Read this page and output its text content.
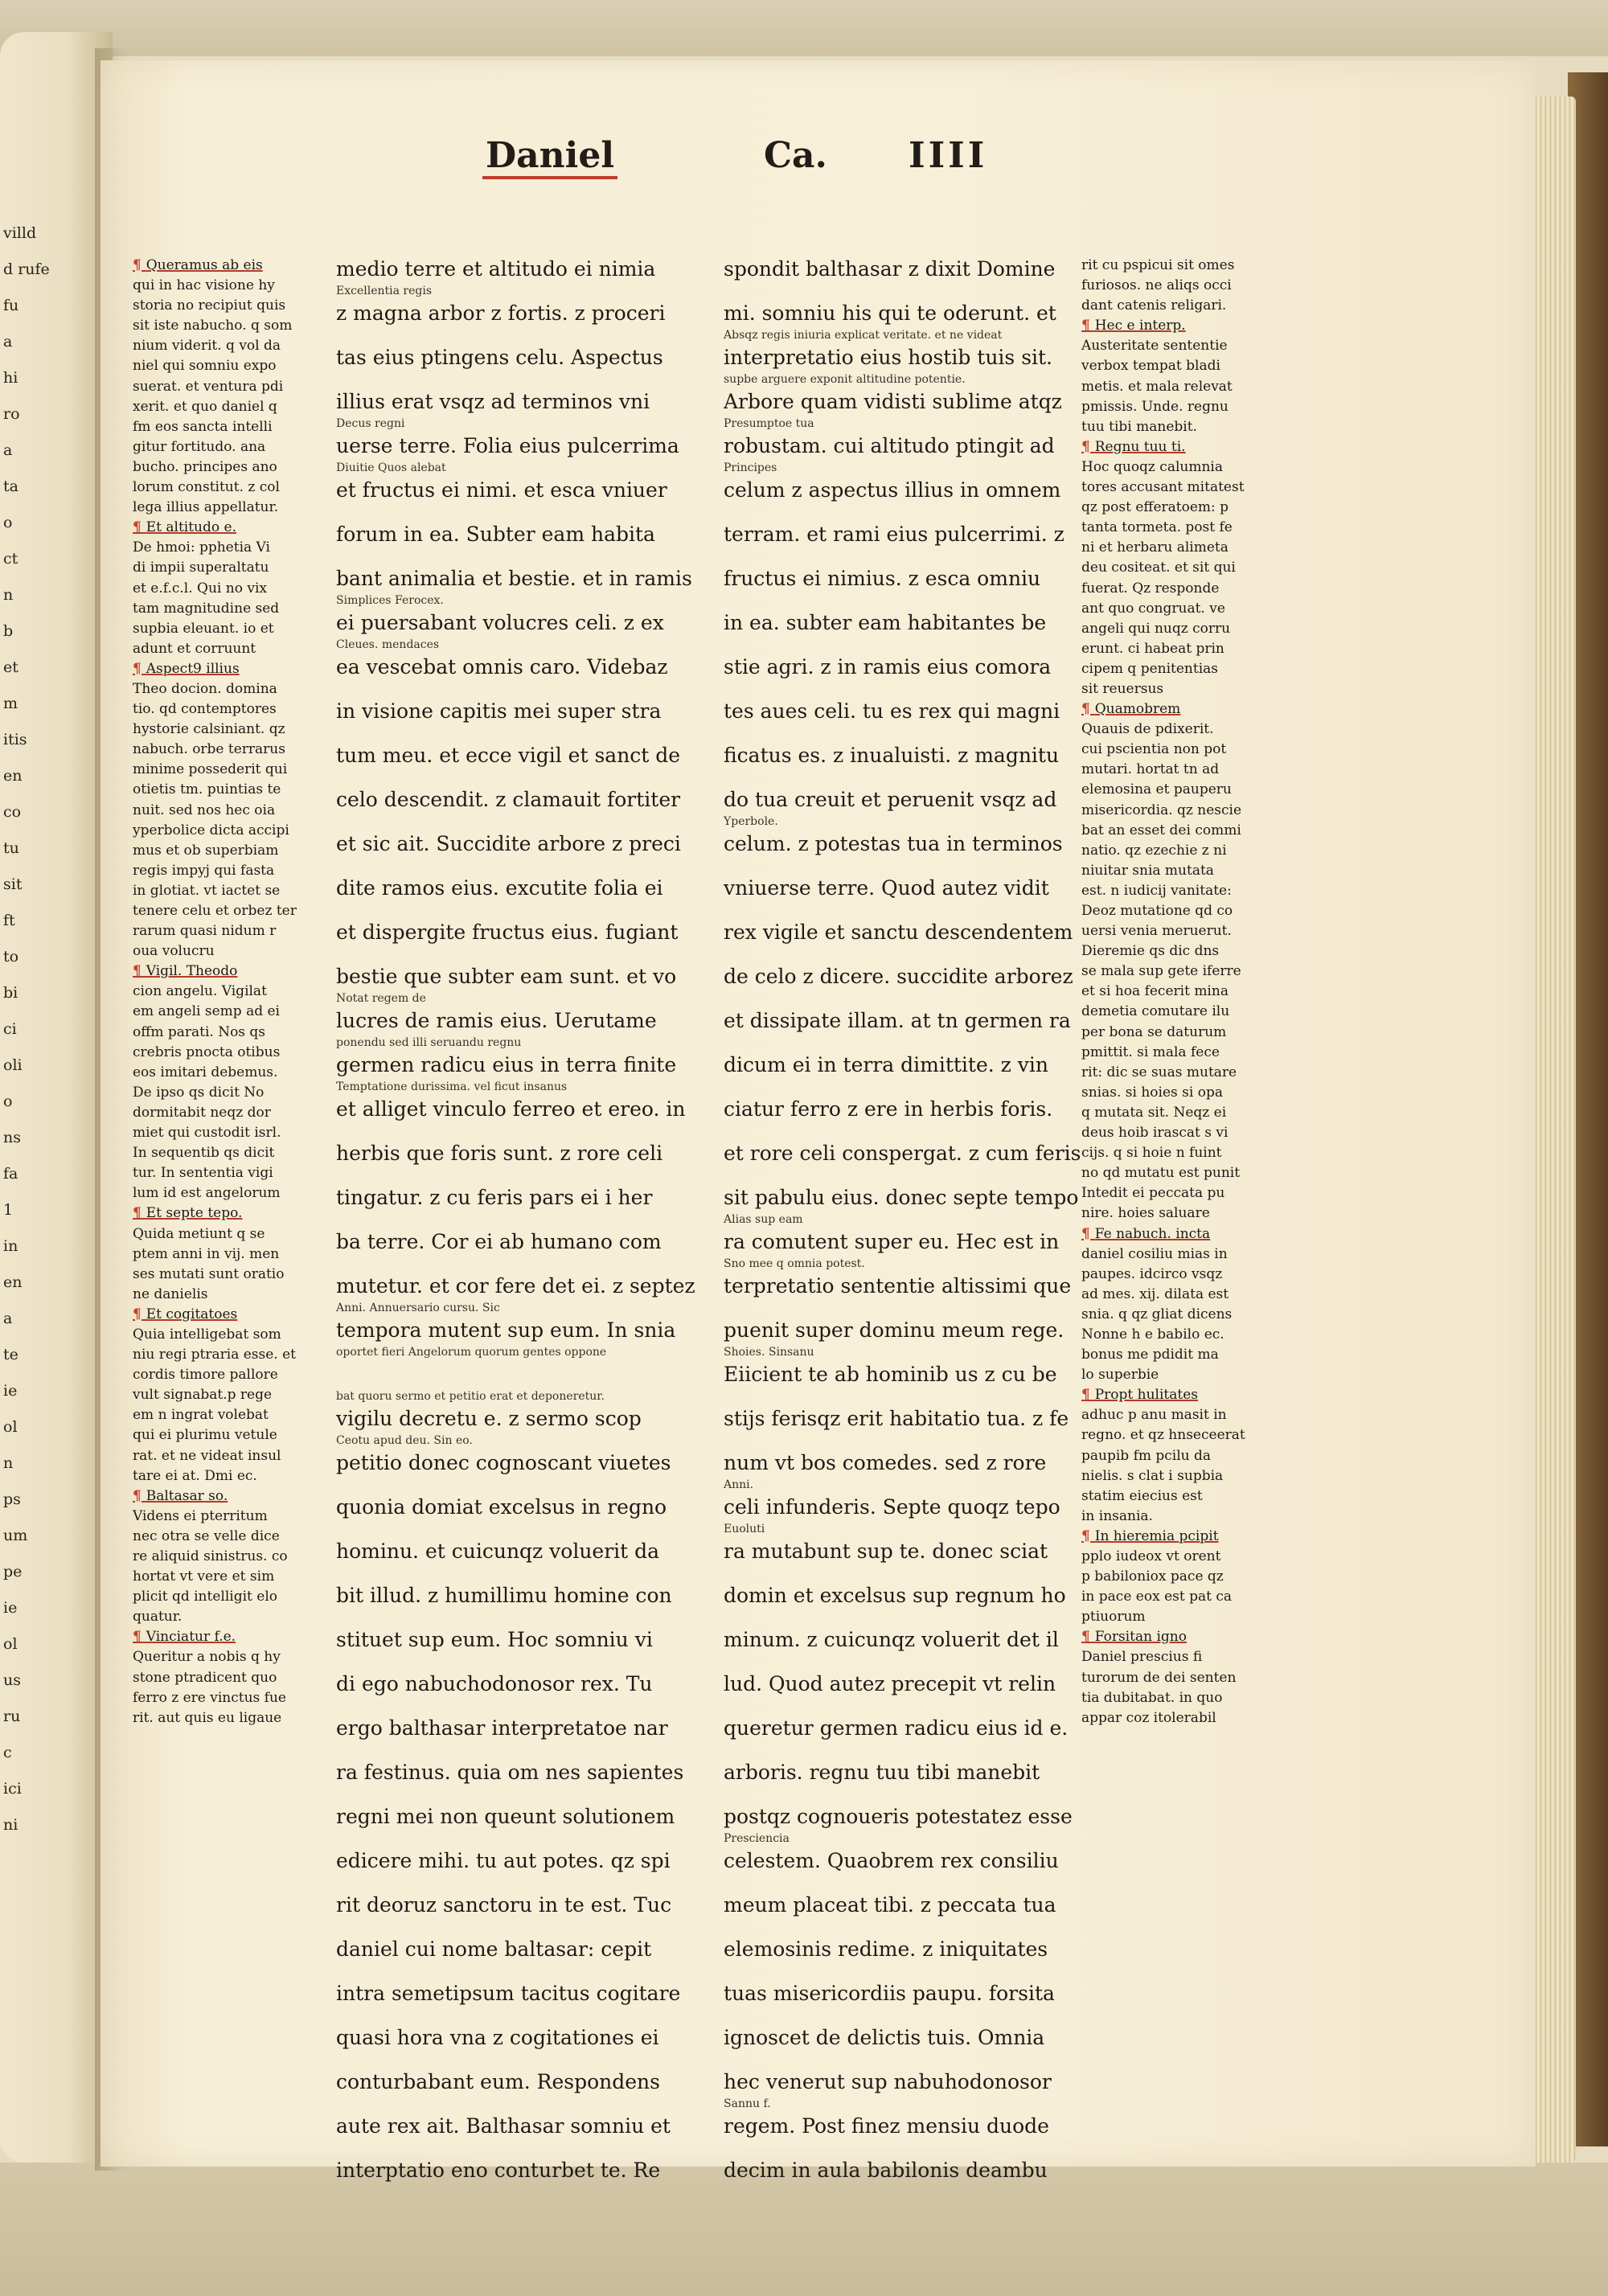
villd
d rufe
fu
a
hi
ro
a
ta
o
ct
n
b
et
m
itis
en
co
tu
sit
ft
to
bi
ci
oli
o
ns
fa
1
in
en
a
te
ie
ol
n
ps
um
pe
ie
ol
us
ru
c
ici
ni
Daniel	Ca. IIII
¶ Queramus ab eis
qui in hac visione hy
storia no recipiut quis
sit iste nabucho. q som
nium viderit. q vol da
niel qui somniu expo
suerat. et ventura pdi
xerit. et quo daniel q
fm eos sancta intelli
gitur fortitudo. ana
bucho. principes ano
lorum constitut. z col
lega illius appellatur.
¶ Et altitudo e.
De hmoi: pphetia Vi
di impii superaltatu
et e.f.c.l. Qui no vix
tam magnitudine sed
supbia eleuant. io et
adunt et corruunt
¶ Aspect9 illius
Theo docion. domina
tio. qd contemptores
hystorie calsiniant. qz
nabuch. orbe terrarus
minime possederit qui
otietis tm. puintias te
nuit. sed nos hec oia
yperbolice dicta accipi
mus et ob superbiam
regis impyj qui fasta
in glotiat. vt iactet se
tenere celu et orbez ter
rarum quasi nidum r
oua volucru
¶ Vigil. Theodo
cion angelu. Vigilat
em angeli semp ad ei
offm parati. Nos qs
crebris pnocta otibus
eos imitari debemus.
De ipso qs dicit No
dormitabit neqz dor
miet qui custodit isrl.
In sequentib qs dicit
tur. In sententia vigi
lum id est angelorum
¶ Et septe tepo.
Quida metiunt q se
ptem anni in vij. men
ses mutati sunt oratio
ne danielis
¶ Et cogitatoes
Quia intelligebat som
niu regi ptraria esse. et
cordis timore pallore
vult signabat.p rege
em n ingrat volebat
qui ei plurimu vetule
rat. et ne videat insul
tare ei at. Dmi ec.
¶ Baltasar so.
Videns ei pterritum
nec otra se velle dice
re aliquid sinistrus. co
hortat vt vere et sim
plicit qd intelligit elo
quatur.
¶ Vinciatur f.e.
Queritur a nobis q hy
stone ptradicent quo
ferro z ere vinctus fue
rit. aut quis eu ligaue
medio terre et altitudo ei nimia
Excellentia regis
z magna arbor z fortis. z proceri
tas eius ptingens celu. Aspectus
illius erat vsqz ad terminos vni
Decus regni
uerse terre. Folia eius pulcerrima
Diuitie Quos alebat
et fructus ei nimi. et esca vniuer
forum in ea. Subter eam habita
bant animalia et bestie. et in ramis
Simplices Ferocex.
ei puersabant volucres celi. z ex
Cleues. mendaces
ea vescebat omnis caro. Videbaz
in visione capitis mei super stra
tum meu. et ecce vigil et sanct de
celo descendit. z clamauit fortiter
et sic ait. Succidite arbore z preci
dite ramos eius. excutite folia ei
et dispergite fructus eius. fugiant
bestie que subter eam sunt. et vo
Notat regem de
lucres de ramis eius. Uerutame
ponendu sed illi seruandu regnu
germen radicu eius in terra finite
Temptatione durissima. vel ficut insanus
et alliget vinculo ferreo et ereo. in
herbis que foris sunt. z rore celi
tingatur. z cu feris pars ei i her
ba terre. Cor ei ab humano com
mutetur. et cor fere det ei. z septez
Anni. Annuersario cursu. Sic
tempora mutent sup eum. In snia
oportet fieri Angelorum quorum gentes oppone
bat quoru sermo et petitio erat et deponeretur.
vigilu decretu e. z sermo scop
Ceotu apud deu. Sin eo.
petitio donec cognoscant viuetes
quonia domiat excelsus in regno
hominu. et cuicunqz voluerit da
bit illud. z humillimu homine con
stituet sup eum. Hoc somniu vi
di ego nabuchodonosor rex. Tu
ergo balthasar interpretatoe nar
ra festinus. quia om nes sapientes
regni mei non queunt solutionem
edicere mihi. tu aut potes. qz spi
rit deoruz sanctoru in te est. Tuc
daniel cui nome baltasar: cepit
intra semetipsum tacitus cogitare
quasi hora vna z cogitationes ei
conturbabant eum. Respondens
aute rex ait. Balthasar somniu et
interptatio eno conturbet te. Re
spondit balthasar z dixit Domine
mi. somniu his qui te oderunt. et
Absqz regis iniuria explicat veritate. et ne videat
interpretatio eius hostib tuis sit.
supbe arguere exponit altitudine potentie.
Arbore quam vidisti sublime atqz
Presumptoe tua
robustam. cui altitudo ptingit ad
Principes
celum z aspectus illius in omnem
terram. et rami eius pulcerrimi. z
fructus ei nimius. z esca omniu
in ea. subter eam habitantes be
stie agri. z in ramis eius comora
tes aues celi. tu es rex qui magni
ficatus es. z inualuisti. z magnitu
do tua creuit et peruenit vsqz ad
Yperbole.
celum. z potestas tua in terminos
vniuerse terre. Quod autez vidit
rex vigile et sanctu descendentem
de celo z dicere. succidite arborez
et dissipate illam. at tn germen ra
dicum ei in terra dimittite. z vin
ciatur ferro z ere in herbis foris.
et rore celi conspergat. z cum feris
sit pabulu eius. donec septe tempo
Alias sup eam
ra comutent super eu. Hec est in
Sno mee q omnia potest.
terpretatio sententie altissimi que
puenit super dominu meum rege.
Shoies. Sinsanu
Eiicient te ab hominib us z cu be
stijs ferisqz erit habitatio tua. z fe
num vt bos comedes. sed z rore
Anni.
celi infunderis. Septe quoqz tepo
Euoluti
ra mutabunt sup te. donec sciat
domin et excelsus sup regnum ho
minum. z cuicunqz voluerit det il
lud. Quod autez precepit vt relin
queretur germen radicu eius id e.
arboris. regnu tuu tibi manebit
postqz cognoueris potestatez esse
Presciencia
celestem. Quaobrem rex consiliu
meum placeat tibi. z peccata tua
elemosinis redime. z iniquitates
tuas misericordiis paupu. forsita
ignoscet de delictis tuis. Omnia
hec venerut sup nabuhodonosor
Sannu f.
regem. Post finez mensiu duode
decim in aula babilonis deambu
rit cu pspicui sit omes
furiosos. ne aliqs occi
dant catenis religari.
¶ Hec e interp.
Austeritate sententie
verbox tempat bladi
metis. et mala relevat
pmissis. Unde. regnu
tuu tibi manebit.
¶ Regnu tuu ti.
Hoc quoqz calumnia
tores accusant mitatest
qz post efferatoem: p
tanta tormeta. post fe
ni et herbaru alimeta
deu cositeat. et sit qui
fuerat. Qz responde
ant quo congruat. ve
angeli qui nuqz corru
erunt. ci habeat prin
cipem q penitentias
sit reuersus
¶ Quamobrem
Quauis de pdixerit.
cui pscientia non pot
mutari. hortat tn ad
elemosina et pauperu
misericordia. qz nescie
bat an esset dei commi
natio. qz ezechie z ni
niuitar snia mutata
est. n iudicij vanitate:
Deoz mutatione qd co
uersi venia meruerut.
Dieremie qs dic dns
se mala sup gete iferre
et si hoa fecerit mina
demetia comutare ilu
per bona se daturum
pmittit. si mala fece
rit: dic se suas mutare
snias. si hoies si opa
q mutata sit. Neqz ei
deus hoib irascat s vi
cijs. q si hoie n fuint
no qd mutatu est punit
Intedit ei peccata pu
nire. hoies saluare
¶ Fe nabuch. incta
daniel cosiliu mias in
paupes. idcirco vsqz
ad mes. xij. dilata est
snia. q qz gliat dicens
Nonne h e babilo ec.
bonus me pdidit ma
lo superbie
¶ Propt hulitates
adhuc p anu masit in
regno. et qz hnseceerat
paupib fm pcilu da
nielis. s clat i supbia
statim eiecius est
in insania.
¶ In hieremia pcipit
pplo iudeox vt orent
p babiloniox pace qz
in pace eox est pat ca
ptiuorum
¶ Forsitan igno
Daniel prescius fi
turorum de dei senten
tia dubitabat. in quo
appar coz itolerabil
